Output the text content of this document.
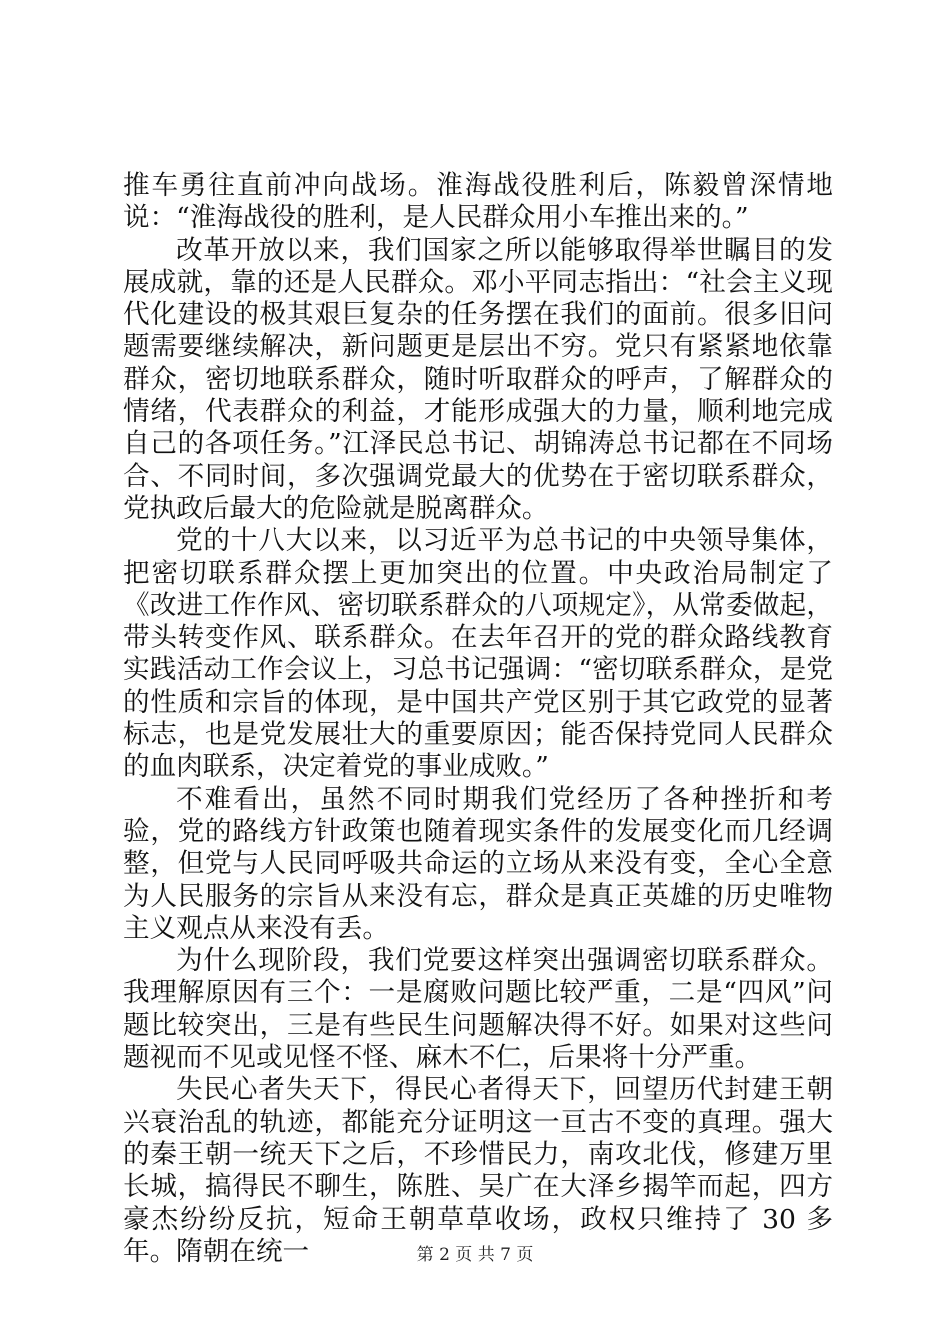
推车勇往直前冲向战场。淮海战役胜利后，陈毅曾深情地说：“淮海战役的胜利，是人民群众用小车推出来的。”

改革开放以来，我们国家之所以能够取得举世瞩目的发展成就，靠的还是人民群众。邓小平同志指出：“社会主义现代化建设的极其艰巨复杂的任务摆在我们的面前。很多旧问题需要继续解决，新问题更是层出不穷。党只有紧紧地依靠群众，密切地联系群众，随时听取群众的呼声，了解群众的情绪，代表群众的利益，才能形成强大的力量，顺利地完成自己的各项任务。”江泽民总书记、胡锦涛总书记都在不同场合、不同时间，多次强调党最大的优势在于密切联系群众，党执政后最大的危险就是脱离群众。

党的十八大以来，以习近平为总书记的中央领导集体，把密切联系群众摆上更加突出的位置。中央政治局制定了《改进工作作风、密切联系群众的八项规定》，从常委做起，带头转变作风、联系群众。在去年召开的党的群众路线教育实践活动工作会议上，习总书记强调：“密切联系群众，是党的性质和宗旨的体现，是中国共产党区别于其它政党的显著标志，也是党发展壮大的重要原因；能否保持党同人民群众的血肉联系，决定着党的事业成败。”

不难看出，虽然不同时期我们党经历了各种挫折和考验，党的路线方针政策也随着现实条件的发展变化而几经调整，但党与人民同呼吸共命运的立场从来没有变，全心全意为人民服务的宗旨从来没有忘，群众是真正英雄的历史唯物主义观点从来没有丢。

为什么现阶段，我们党要这样突出强调密切联系群众。我理解原因有三个：一是腐败问题比较严重，二是“四风”问题比较突出，三是有些民生问题解决得不好。如果对这些问题视而不见或见怪不怪、麻木不仁，后果将十分严重。

失民心者失天下，得民心者得天下，回望历代封建王朝兴衰治乱的轨迹，都能充分证明这一亘古不变的真理。强大的秦王朝一统天下之后，不珍惜民力，南攻北伐，修建万里长城，搞得民不聊生，陈胜、吴广在大泽乡揭竿而起，四方豪杰纷纷反抗，短命王朝草草收场，政权只维持了 30 多年。隋朝在统一	第 2 页 共 7 页
